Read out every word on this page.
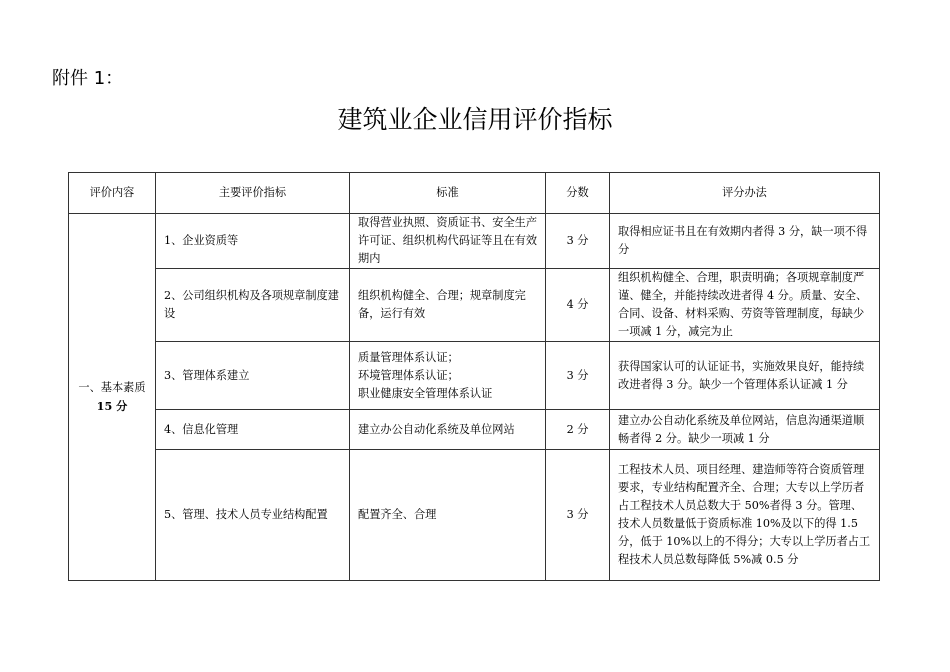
附件 1：
建筑业企业信用评价指标
评价内容	主要评价指标	标准	分数	评分办法

一、基本素质
15 分	1、企业资质等	取得营业执照、资质证书、安全生产许可证、组织机构代码证等且在有效期内	3 分	取得相应证书且在有效期内者得 3 分，缺一项不得分
	2、公司组织机构及各项规章制度建设	组织机构健全、合理；规章制度完备，运行有效	4 分	组织机构健全、合理，职责明确；各项规章制度严谨、健全，并能持续改进者得 4 分。质量、安全、合同、设备、材料采购、劳资等管理制度，每缺少一项减 1 分，减完为止
	3、管理体系建立	质量管理体系认证；
环境管理体系认证；
职业健康安全管理体系认证	3 分	获得国家认可的认证证书，实施效果良好，能持续改进者得 3 分。缺少一个管理体系认证减 1 分
	4、信息化管理	建立办公自动化系统及单位网站	2 分	建立办公自动化系统及单位网站，信息沟通渠道顺畅者得 2 分。缺少一项减 1 分
	5、管理、技术人员专业结构配置	配置齐全、合理	3 分	工程技术人员、项目经理、建造师等符合资质管理要求，专业结构配置齐全、合理；大专以上学历者占工程技术人员总数大于 50%者得 3 分。管理、技术人员数量低于资质标准 10%及以下的得 1.5 分，低于 10%以上的不得分；大专以上学历者占工程技术人员总数每降低 5%减 0.5 分
